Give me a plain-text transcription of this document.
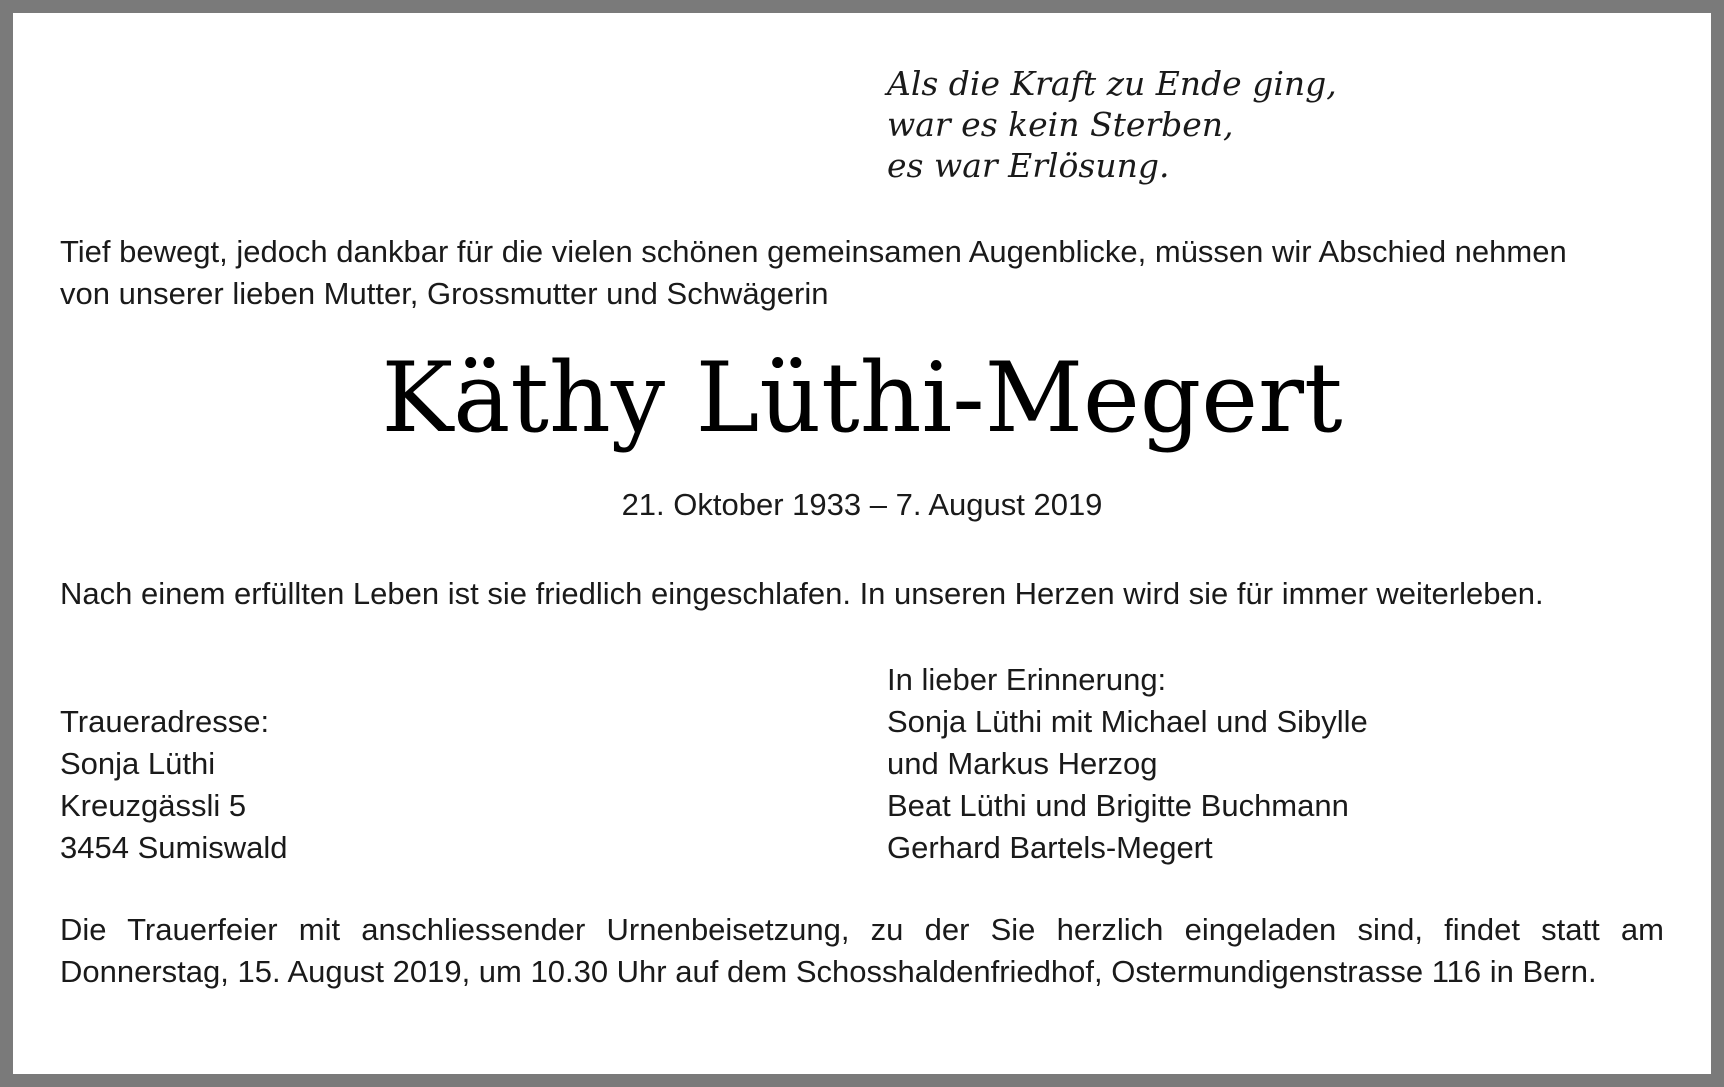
Als die Kraft zu Ende ging,
war es kein Sterben,
es war Erlösung.
Tief bewegt, jedoch dankbar für die vielen schönen gemeinsamen Augenblicke, müssen wir Abschied nehmen
von unserer lieben Mutter, Grossmutter und Schwägerin
Käthy Lüthi-Megert
21. Oktober 1933 – 7. August 2019
Nach einem erfüllten Leben ist sie friedlich eingeschlafen. In unseren Herzen wird sie für immer weiterleben.
Traueradresse:
Sonja Lüthi
Kreuzgässli 5
3454 Sumiswald
In lieber Erinnerung:
Sonja Lüthi mit Michael und Sibylle
und Markus Herzog
Beat Lüthi und Brigitte Buchmann
Gerhard Bartels-Megert
Die Trauerfeier mit anschliessender Urnenbeisetzung, zu der Sie herzlich eingeladen sind, findet statt am Donnerstag, 15. August 2019, um 10.30 Uhr auf dem Schosshaldenfriedhof, Ostermundigenstrasse 116 in Bern.
